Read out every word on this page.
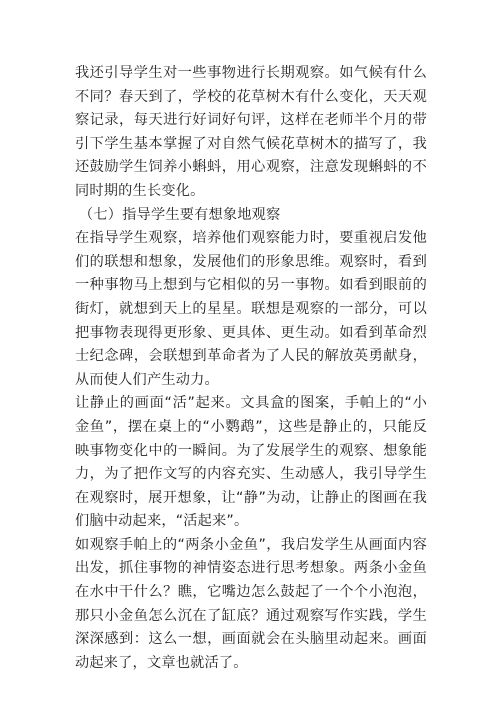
我还引导学生对一些事物进行长期观察。如气候有什么不同？春天到了，学校的花草树木有什么变化，天天观察记录，每天进行好词好句评，这样在老师半个月的带引下学生基本掌握了对自然气候花草树木的描写了，我还鼓励学生饲养小蝌蚪，用心观察，注意发现蝌蚪的不同时期的生长变化。

（七）指导学生要有想象地观察

在指导学生观察，培养他们观察能力时，要重视启发他们的联想和想象，发展他们的形象思维。观察时，看到一种事物马上想到与它相似的另一事物。如看到眼前的街灯，就想到天上的星星。联想是观察的一部分，可以把事物表现得更形象、更具体、更生动。如看到革命烈士纪念碑，会联想到革命者为了人民的解放英勇献身，从而使人们产生动力。

让静止的画面“活”起来。文具盒的图案，手帕上的“小金鱼”，摆在桌上的“小鹦鹉”，这些是静止的，只能反映事物变化中的一瞬间。为了发展学生的观察、想象能力，为了把作文写的内容充实、生动感人，我引导学生在观察时，展开想象，让“静”为动，让静止的图画在我们脑中动起来，“活起来”。

如观察手帕上的“两条小金鱼”，我启发学生从画面内容出发，抓住事物的神情姿态进行思考想象。两条小金鱼在水中干什么？瞧，它嘴边怎么鼓起了一个个小泡泡，那只小金鱼怎么沉在了缸底？通过观察写作实践，学生深深感到：这么一想，画面就会在头脑里动起来。画面动起来了，文章也就活了。
